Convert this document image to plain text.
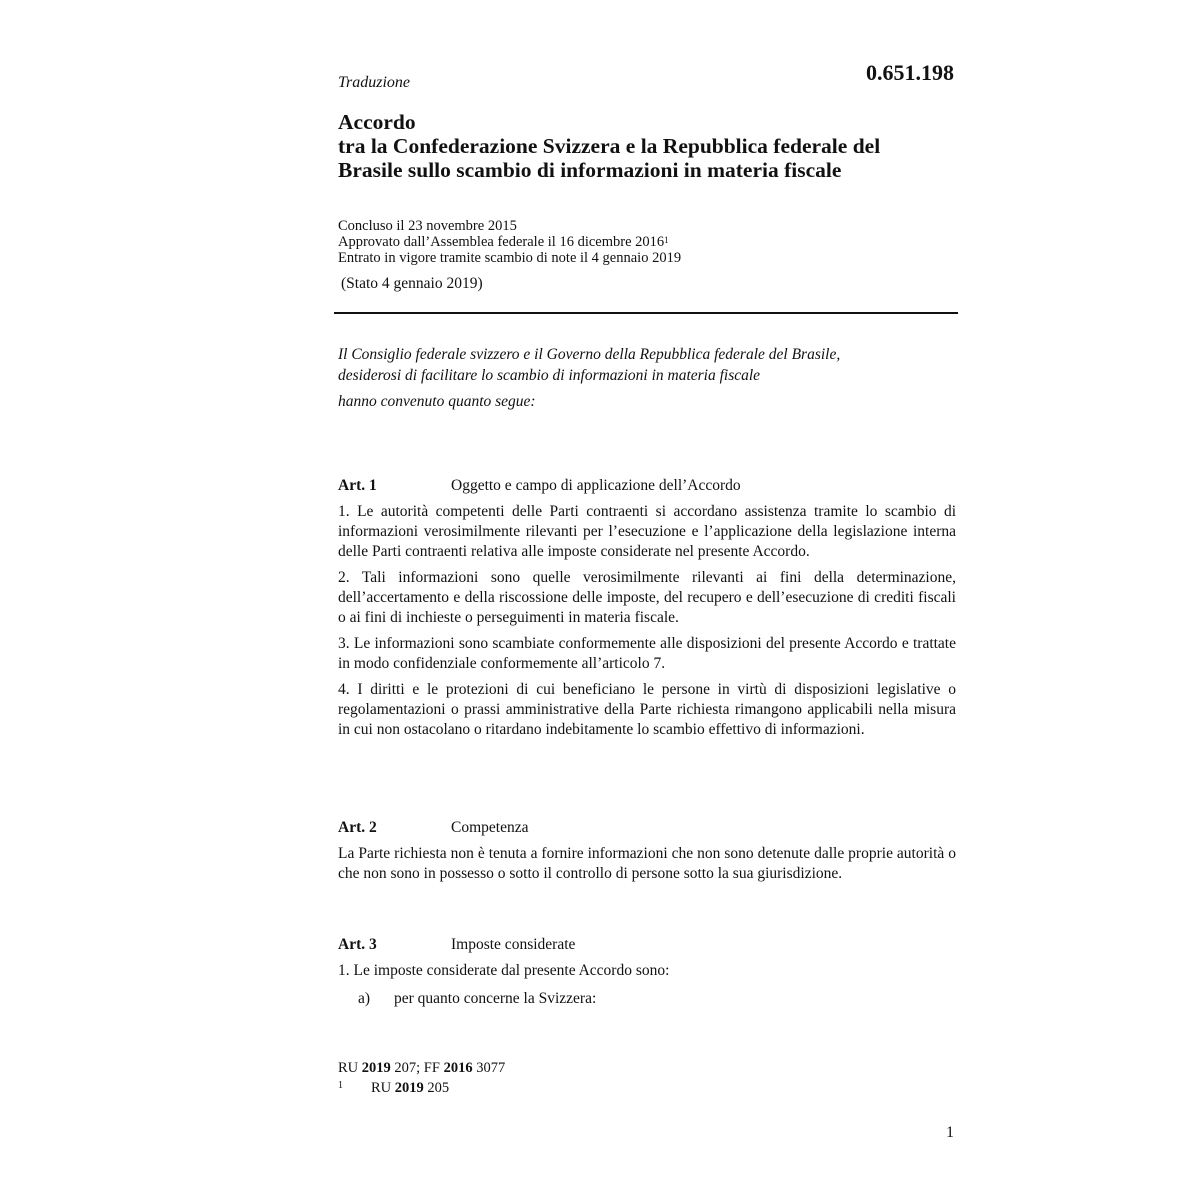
0.651.198
Traduzione
Accordo
tra la Confederazione Svizzera e la Repubblica federale del
Brasile sullo scambio di informazioni in materia fiscale
Concluso il 23 novembre 2015
Approvato dall’Assemblea federale il 16 dicembre 2016$^1$
Entrato in vigore tramite scambio di note il 4 gennaio 2019
(Stato 4 gennaio 2019)
Il Consiglio federale svizzero e il Governo della Repubblica federale del Brasile,
desiderosi di facilitare lo scambio di informazioni in materia fiscale
hanno convenuto quanto segue:
Art. 1	Oggetto e campo di applicazione dell’Accordo

1. Le autorità competenti delle Parti contraenti si accordano assistenza tramite lo scambio di informazioni verosimilmente rilevanti per l’esecuzione e l’applicazione della legislazione interna delle Parti contraenti relativa alle imposte considerate nel presente Accordo.

2. Tali informazioni sono quelle verosimilmente rilevanti ai fini della determinazione, dell’accertamento e della riscossione delle imposte, del recupero e dell’esecuzione di crediti fiscali o ai fini di inchieste o perseguimenti in materia fiscale.

3. Le informazioni sono scambiate conformemente alle disposizioni del presente Accordo e trattate in modo confidenziale conformemente all’articolo 7.

4. I diritti e le protezioni di cui beneficiano le persone in virtù di disposizioni legislative o regolamentazioni o prassi amministrative della Parte richiesta rimangono applicabili nella misura in cui non ostacolano o ritardano indebitamente lo scambio effettivo di informazioni.

Art. 2	Competenza

La Parte richiesta non è tenuta a fornire informazioni che non sono detenute dalle proprie autorità o che non sono in possesso o sotto il controllo di persone sotto la sua giurisdizione.

Art. 3	Imposte considerate

1. Le imposte considerate dal presente Accordo sono:

a)	per quanto concerne la Svizzera:
RU 2019 207; FF 2016 3077
1	RU 2019 205
1
